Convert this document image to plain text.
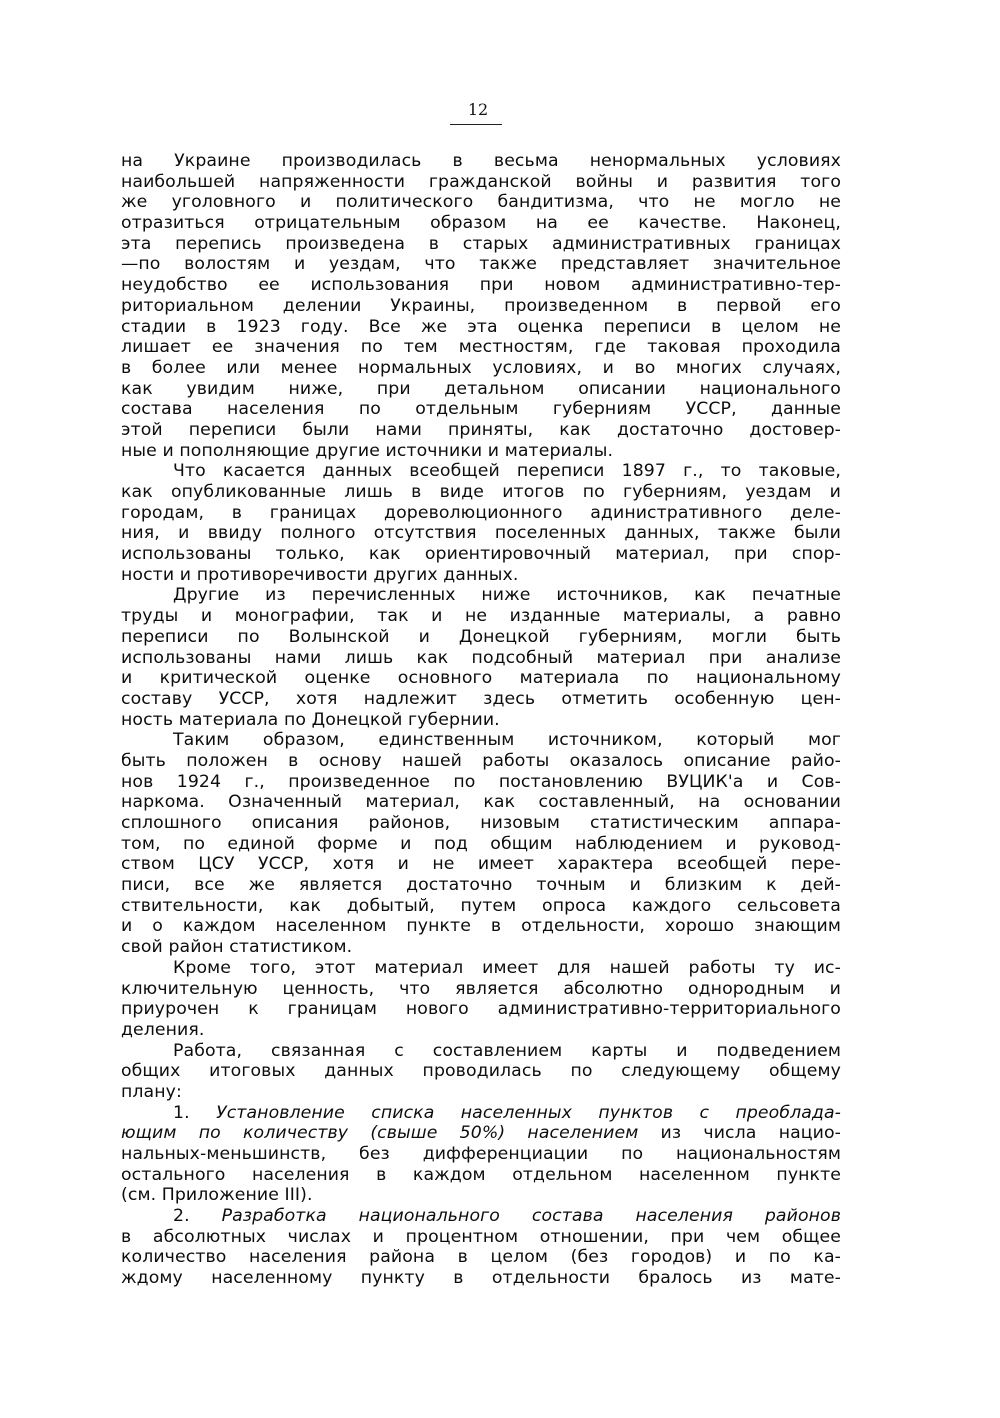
12
на Украине производилась в весьма ненормальных условиях
наибольшей напряженности гражданской войны и развития того
же уголовного и политического бандитизма, что не могло не
отразиться отрицательным образом на ее качестве. Наконец,
эта перепись произведена в старых административных границах
—по волостям и уездам, что также представляет значительное
неудобство ее использования при новом административно-тер-
риториальном делении Украины, произведенном в первой его
стадии в 1923 году. Все же эта оценка переписи в целом не
лишает ее значения по тем местностям, где таковая проходила
в более или менее нормальных условиях, и во многих случаях,
как увидим ниже, при детальном описании национального
состава населения по отдельным губерниям УССР, данные
этой переписи были нами приняты, как достаточно достовер-
ные и пополняющие другие источники и материалы.
Что касается данных всеобщей переписи 1897 г., то таковые,
как опубликованные лишь в виде итогов по губерниям, уездам и
городам, в границах дореволюционного адинистративного деле-
ния, и ввиду полного отсутствия поселенных данных, также были
использованы только, как ориентировочный материал, при спор-
ности и противоречивости других данных.
Другие из перечисленных ниже источников, как печатные
труды и монографии, так и не изданные материалы, а равно
переписи по Волынской и Донецкой губерниям, могли быть
использованы нами лишь как подсобный материал при анализе
и критической оценке основного материала по национальному
составу УССР, хотя надлежит здесь отметить особенную цен-
ность материала по Донецкой губернии.
Таким образом, единственным источником, который мог
быть положен в основу нашей работы оказалось описание райо-
нов 1924 г., произведенное по постановлению ВУЦИК'а и Сов-
наркома. Означенный материал, как составленный, на основании
сплошного описания районов, низовым статистическим аппара-
том, по единой форме и под общим наблюдением и руковод-
ством ЦСУ УССР, хотя и не имеет характера всеобщей пере-
писи, все же является достаточно точным и близким к дей-
ствительности, как добытый, путем опроса каждого сельсовета
и о каждом населенном пункте в отдельности, хорошо знающим
свой район статистиком.
Кроме того, этот материал имеет для нашей работы ту ис-
ключительную ценность, что является абсолютно однородным и
приурочен к границам нового административно-территориального
деления.
Работа, связанная с составлением карты и подведением
общих итоговых данных проводилась по следующему общему
плану:
1. Установление списка населенных пунктов с преоблада-
ющим по количеству (свыше 50%) населением из числа нацио-
нальных-меньшинств, без дифференциации по национальностям
остального населения в каждом отдельном населенном пункте
(см. Приложение III).
2. Разработка национального состава населения районов
в абсолютных числах и процентном отношении, при чем общее
количество населения района в целом (без городов) и по ка-
ждому населенному пункту в отдельности бралось из мате-
